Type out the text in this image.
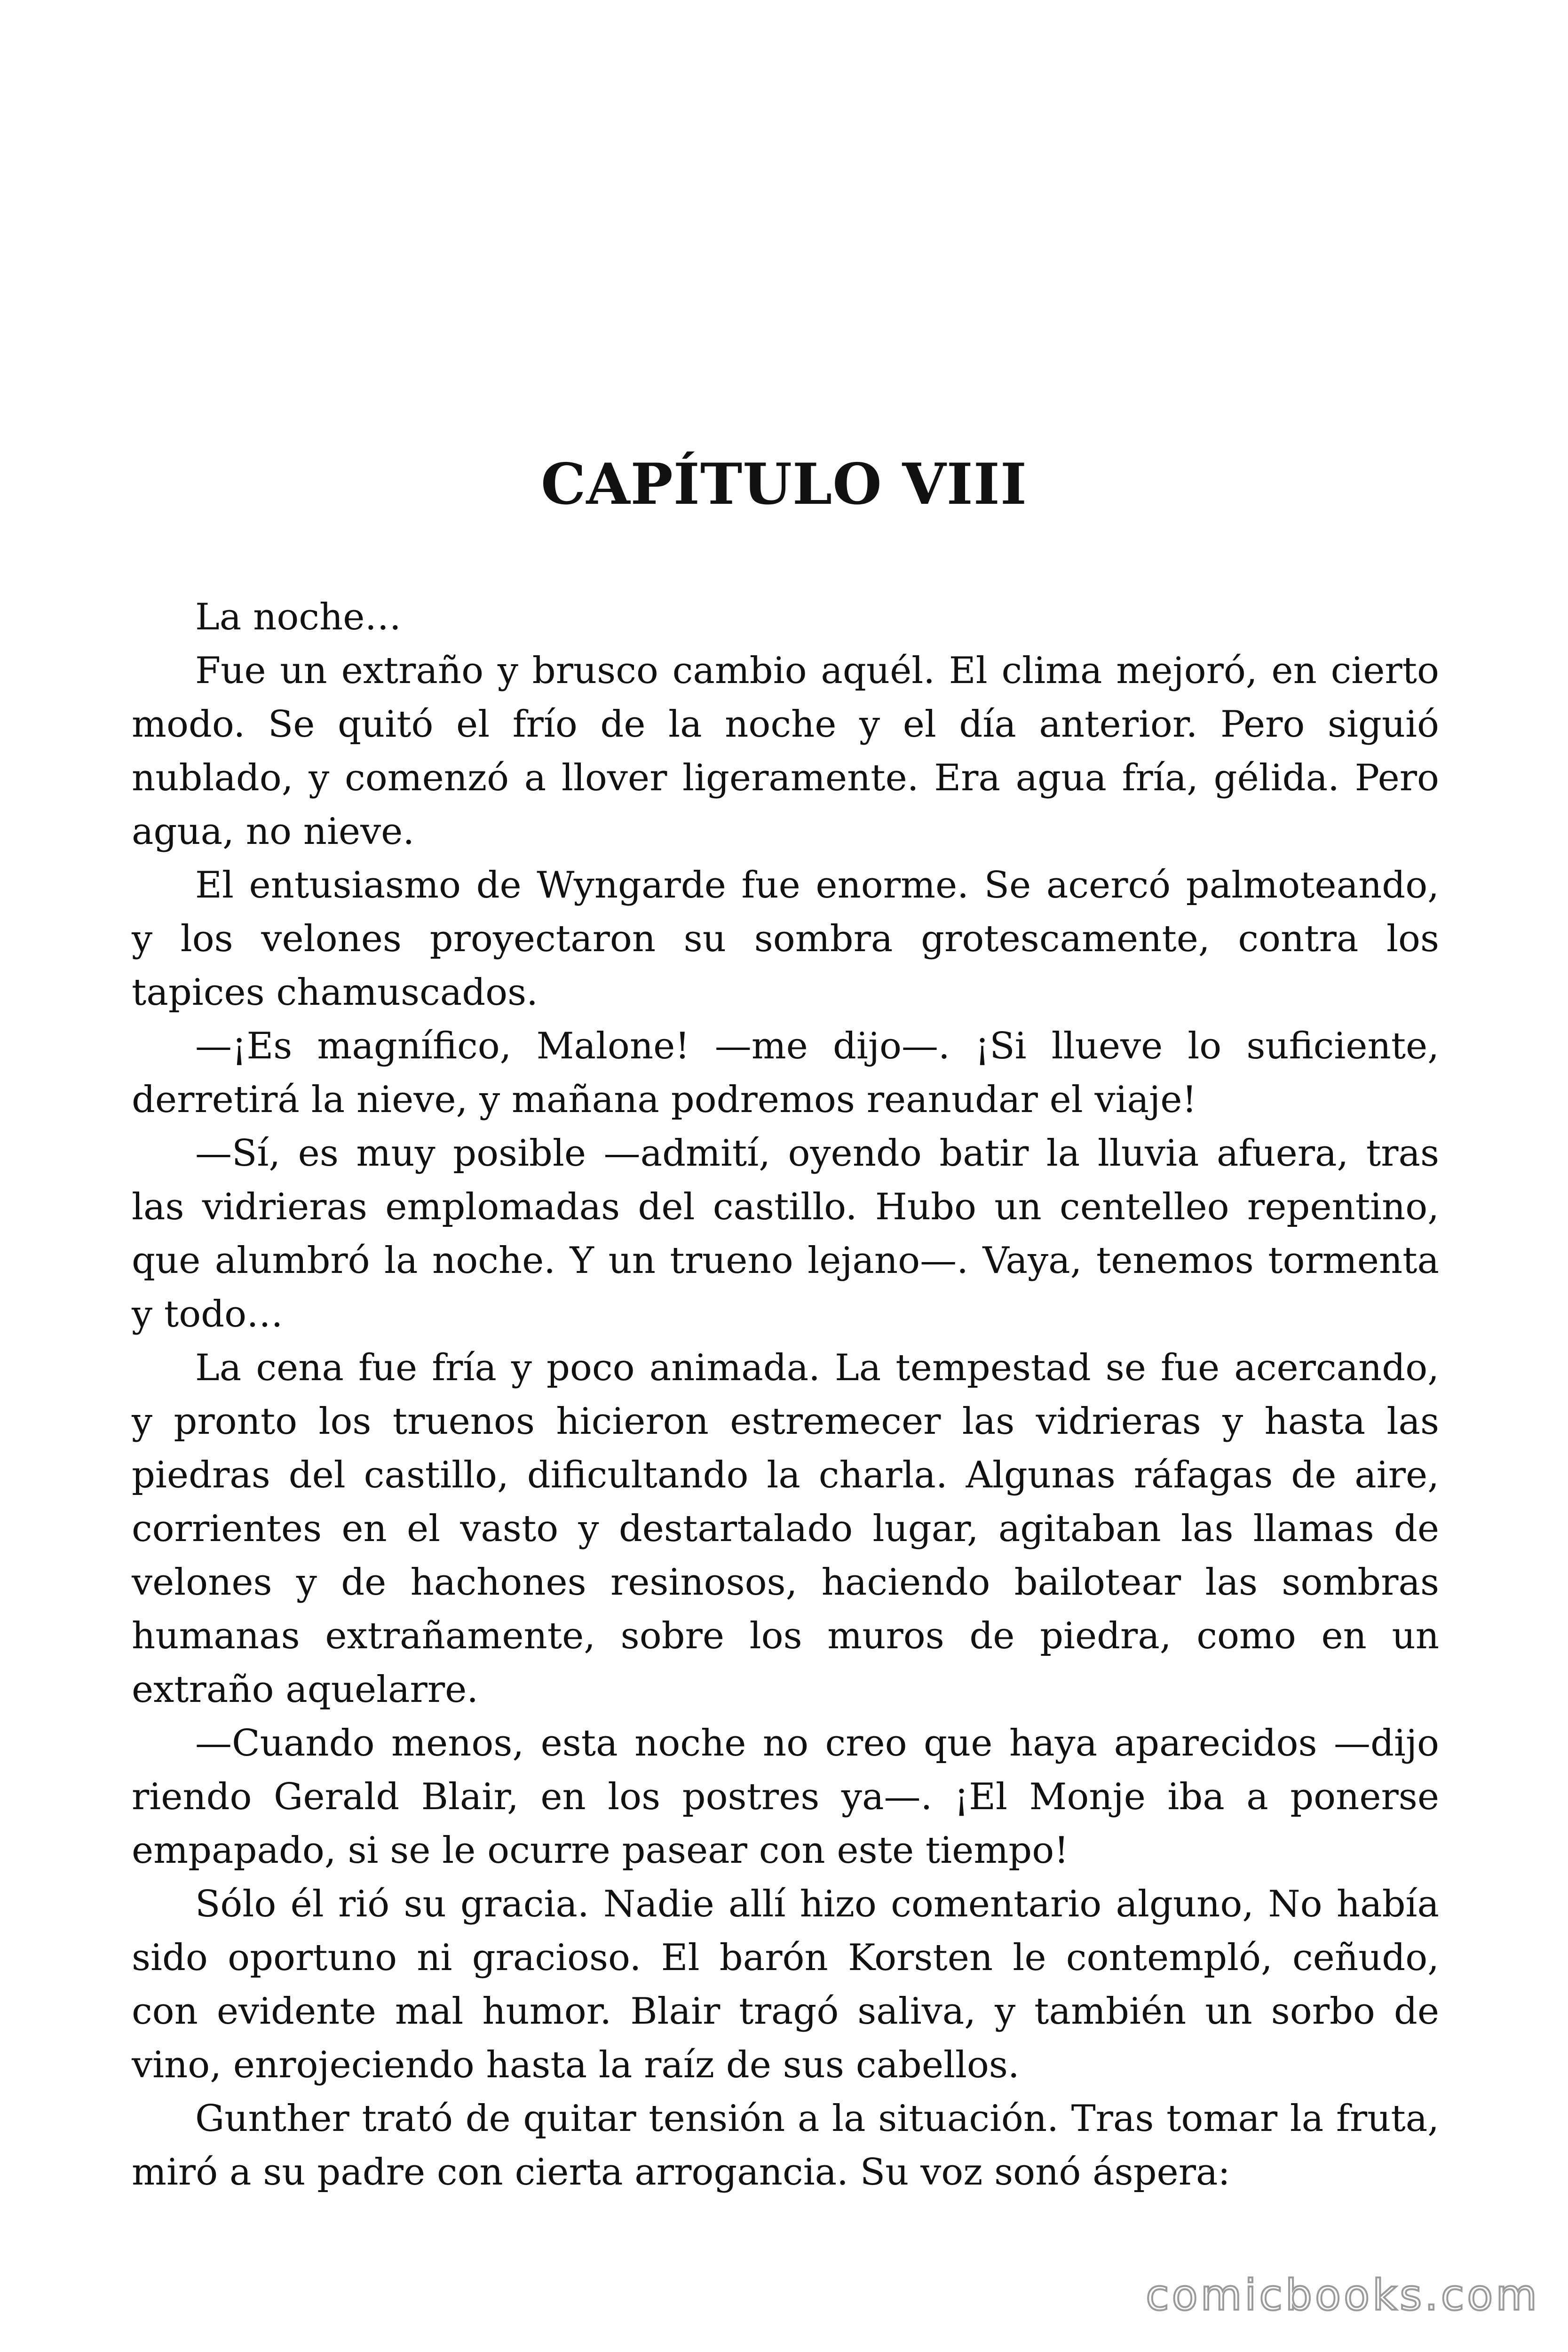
CAPÍTULO VIII

La noche…

Fue un extraño y brusco cambio aquél. El clima mejoró, en cierto modo. Se quitó el frío de la noche y el día anterior. Pero siguió nublado, y comenzó a llover ligeramente. Era agua fría, gélida. Pero agua, no nieve.

El entusiasmo de Wyngarde fue enorme. Se acercó palmoteando, y los velones proyectaron su sombra grotescamente, contra los tapices chamuscados.

—¡Es magnífico, Malone! —me dijo—. ¡Si llueve lo suficiente, derretirá la nieve, y mañana podremos reanudar el viaje!

—Sí, es muy posible —admití, oyendo batir la lluvia afuera, tras las vidrieras emplomadas del castillo. Hubo un centelleo repentino, que alumbró la noche. Y un trueno lejano—. Vaya, tenemos tormenta y todo…

La cena fue fría y poco animada. La tempestad se fue acercando, y pronto los truenos hicieron estremecer las vidrieras y hasta las piedras del castillo, dificultando la charla. Algunas ráfagas de aire, corrientes en el vasto y destartalado lugar, agitaban las llamas de velones y de hachones resinosos, haciendo bailotear las sombras humanas extrañamente, sobre los muros de piedra, como en un extraño aquelarre.

—Cuando menos, esta noche no creo que haya aparecidos —dijo riendo Gerald Blair, en los postres ya—. ¡El Monje iba a ponerse empapado, si se le ocurre pasear con este tiempo!

Sólo él rió su gracia. Nadie allí hizo comentario alguno, No había sido oportuno ni gracioso. El barón Korsten le contempló, ceñudo, con evidente mal humor. Blair tragó saliva, y también un sorbo de vino, enrojeciendo hasta la raíz de sus cabellos.

Gunther trató de quitar tensión a la situación. Tras tomar la fruta, miró a su padre con cierta arrogancia. Su voz sonó áspera:

comicbooks.com
